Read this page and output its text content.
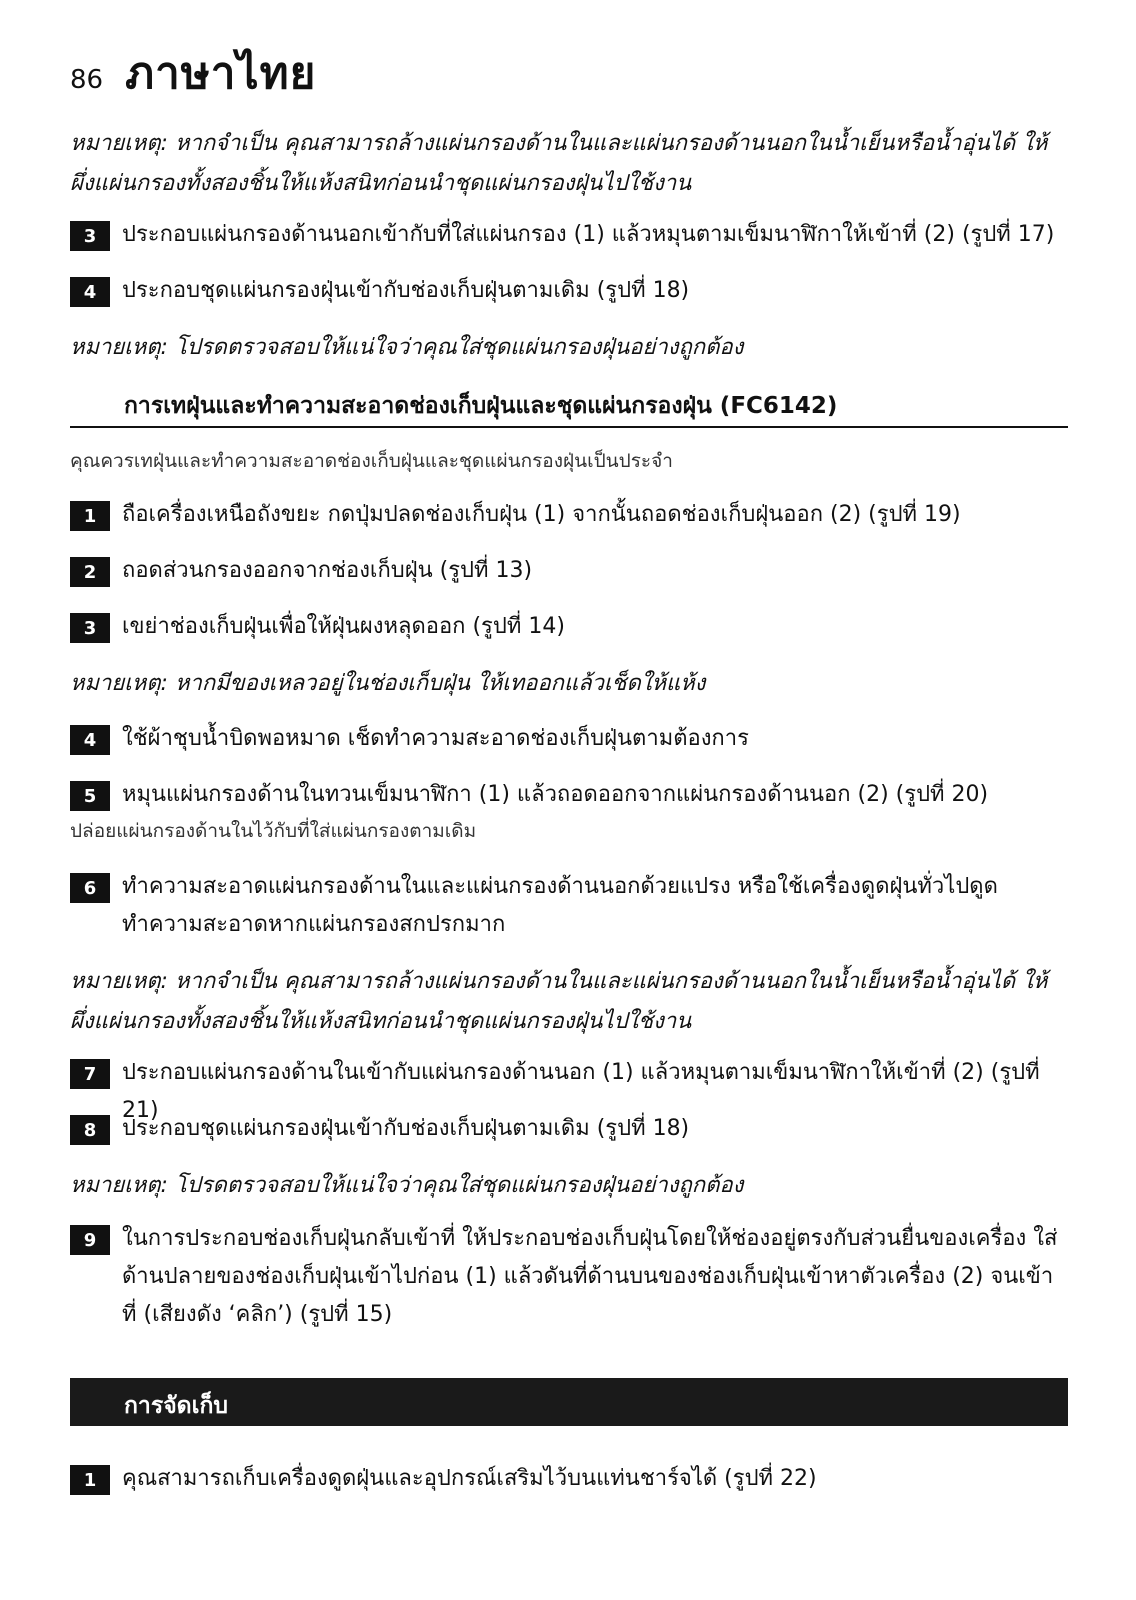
86 ภาษาไทย
หมายเหตุ: หากจำเป็น คุณสามารถล้างแผ่นกรองด้านในและแผ่นกรองด้านนอกในน้ำเย็นหรือน้ำอุ่นได้ ให้ผึ่งแผ่นกรองทั้งสองชิ้นให้แห้งสนิทก่อนนำชุดแผ่นกรองฝุ่นไปใช้งาน
3	ประกอบแผ่นกรองด้านนอกเข้ากับที่ใส่แผ่นกรอง (1) แล้วหมุนตามเข็มนาฬิกาให้เข้าที่ (2) (รูปที่ 17)
4	ประกอบชุดแผ่นกรองฝุ่นเข้ากับช่องเก็บฝุ่นตามเดิม (รูปที่ 18)
หมายเหตุ: โปรดตรวจสอบให้แน่ใจว่าคุณใส่ชุดแผ่นกรองฝุ่นอย่างถูกต้อง
การเทฝุ่นและทำความสะอาดช่องเก็บฝุ่นและชุดแผ่นกรองฝุ่น (FC6142)
คุณควรเทฝุ่นและทำความสะอาดช่องเก็บฝุ่นและชุดแผ่นกรองฝุ่นเป็นประจำ
1	ถือเครื่องเหนือถังขยะ กดปุ่มปลดช่องเก็บฝุ่น (1) จากนั้นถอดช่องเก็บฝุ่นออก (2) (รูปที่ 19)
2	ถอดส่วนกรองออกจากช่องเก็บฝุ่น (รูปที่ 13)
3	เขย่าช่องเก็บฝุ่นเพื่อให้ฝุ่นผงหลุดออก (รูปที่ 14)
หมายเหตุ: หากมีของเหลวอยู่ในช่องเก็บฝุ่น ให้เทออกแล้วเช็ดให้แห้ง
4	ใช้ผ้าชุบน้ำบิดพอหมาด เช็ดทำความสะอาดช่องเก็บฝุ่นตามต้องการ
5	หมุนแผ่นกรองด้านในทวนเข็มนาฬิกา (1) แล้วถอดออกจากแผ่นกรองด้านนอก (2) (รูปที่ 20)
ปล่อยแผ่นกรองด้านในไว้กับที่ใส่แผ่นกรองตามเดิม
6	ทำความสะอาดแผ่นกรองด้านในและแผ่นกรองด้านนอกด้วยแปรง หรือใช้เครื่องดูดฝุ่นทั่วไปดูดทำความสะอาดหากแผ่นกรองสกปรกมาก
หมายเหตุ: หากจำเป็น คุณสามารถล้างแผ่นกรองด้านในและแผ่นกรองด้านนอกในน้ำเย็นหรือน้ำอุ่นได้ ให้ผึ่งแผ่นกรองทั้งสองชิ้นให้แห้งสนิทก่อนนำชุดแผ่นกรองฝุ่นไปใช้งาน
7	ประกอบแผ่นกรองด้านในเข้ากับแผ่นกรองด้านนอก (1) แล้วหมุนตามเข็มนาฬิกาให้เข้าที่ (2) (รูปที่ 21)
8	ประกอบชุดแผ่นกรองฝุ่นเข้ากับช่องเก็บฝุ่นตามเดิม (รูปที่ 18)
หมายเหตุ: โปรดตรวจสอบให้แน่ใจว่าคุณใส่ชุดแผ่นกรองฝุ่นอย่างถูกต้อง
9	ในการประกอบช่องเก็บฝุ่นกลับเข้าที่ ให้ประกอบช่องเก็บฝุ่นโดยให้ช่องอยู่ตรงกับส่วนยื่นของเครื่อง ใส่ด้านปลายของช่องเก็บฝุ่นเข้าไปก่อน (1) แล้วดันที่ด้านบนของช่องเก็บฝุ่นเข้าหาตัวเครื่อง (2) จนเข้าที่ (เสียงดัง ‘คลิก’) (รูปที่ 15)
การจัดเก็บ
1	คุณสามารถเก็บเครื่องดูดฝุ่นและอุปกรณ์เสริมไว้บนแท่นชาร์จได้ (รูปที่ 22)
